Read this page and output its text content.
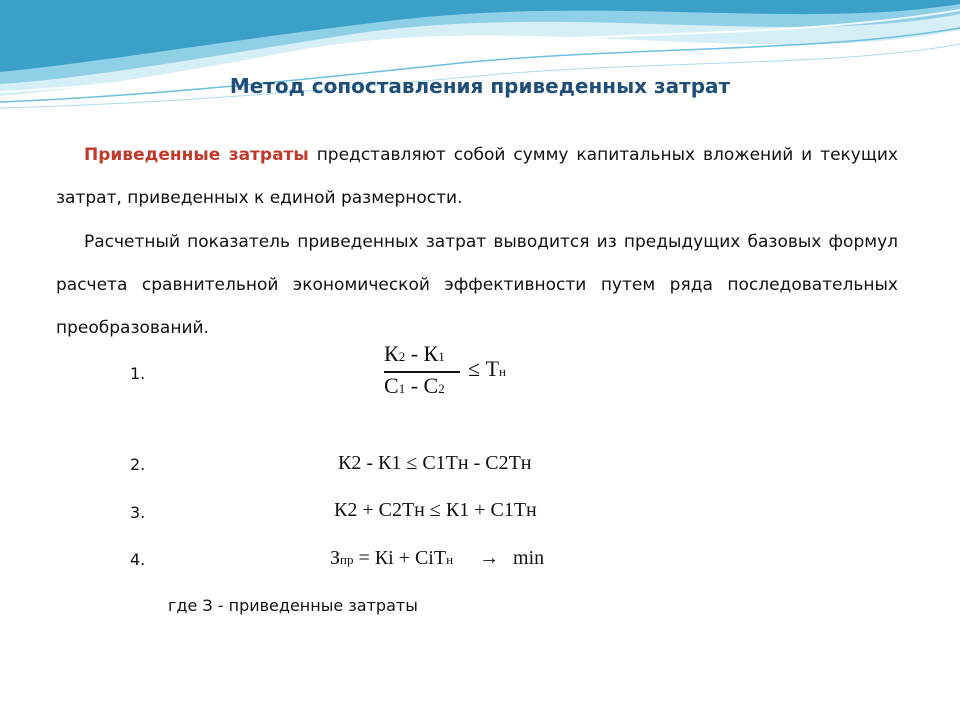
Метод сопоставления приведенных затрат
Приведенные затраты представляют собой сумму капитальных вложений и текущих затрат, приведенных к единой размерности.
Расчетный показатель приведенных затрат выводится из предыдущих базовых формул расчета сравнительной экономической эффективности путем ряда последовательных преобразований.
1.
К2 - К1
С1 - С2
≤ Тн
2.	К2 - К1 ≤ С1Тн - С2Тн
3.	К2 + С2Тн ≤ К1 + С1Тн
4.	Зпр = Кi + СiТн → min
где З - приведенные затраты
